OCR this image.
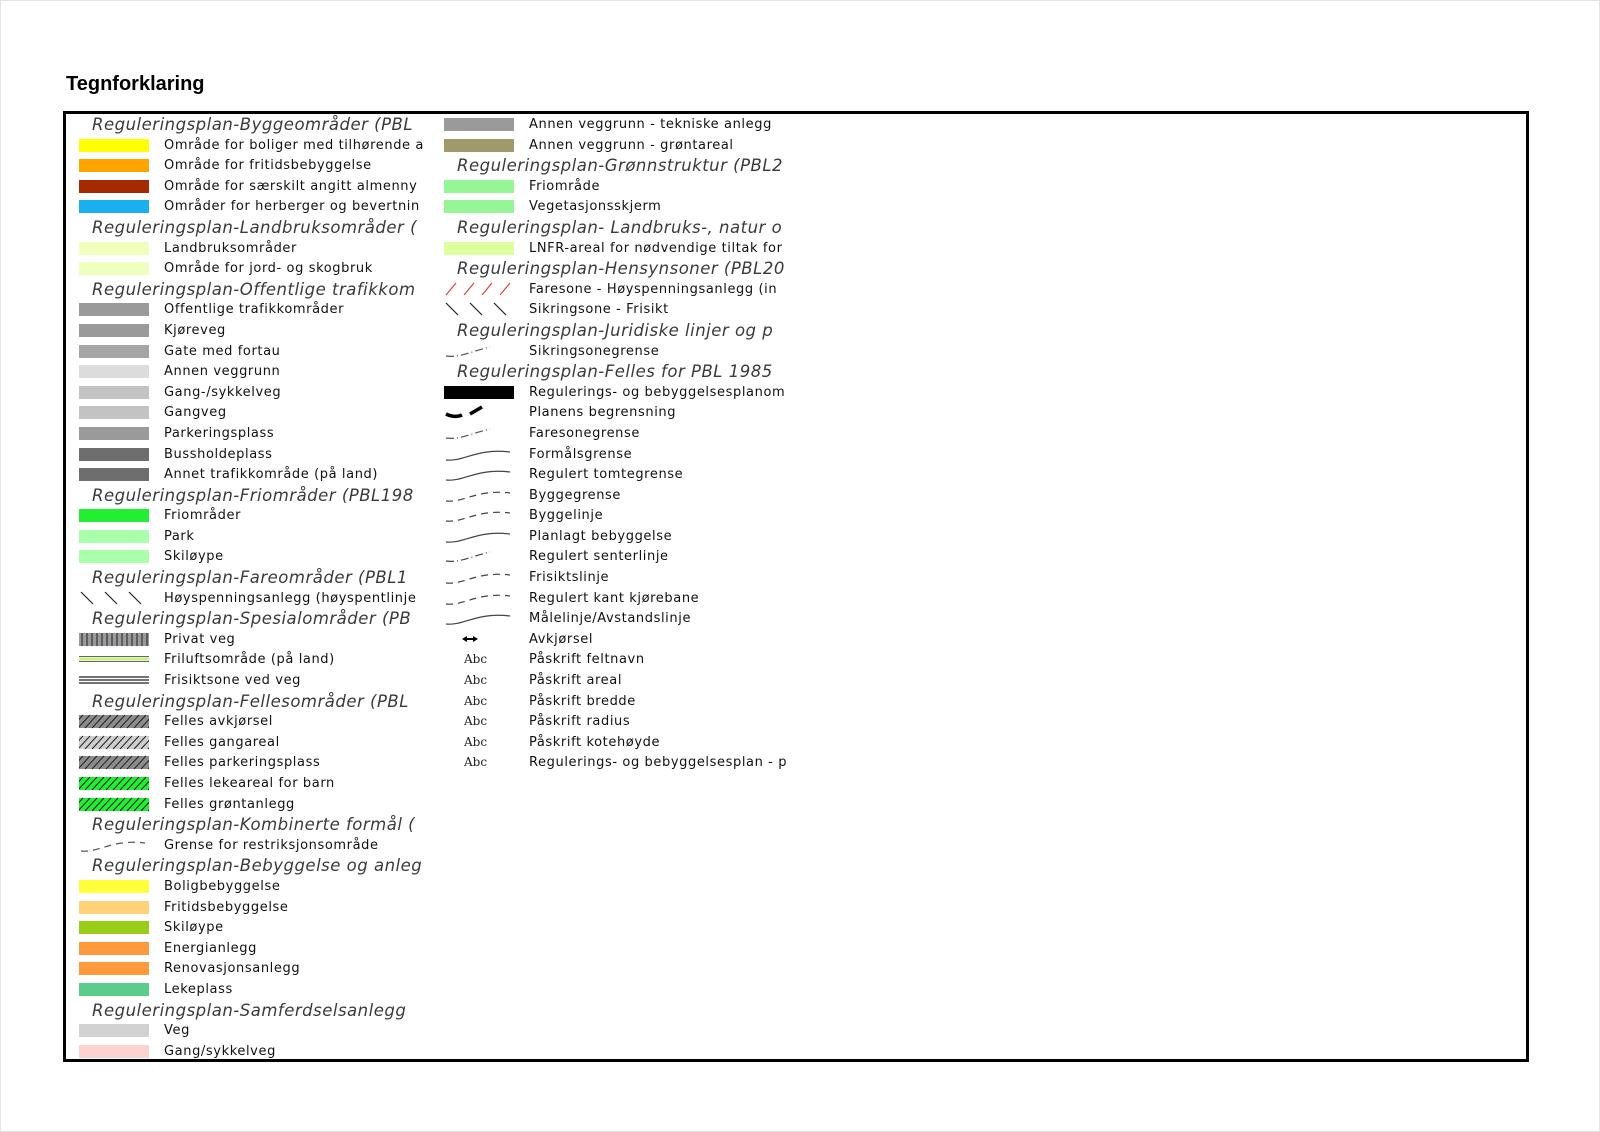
Tegnforklaring
Reguleringsplan-Byggeområder (PBL
Område for boliger med tilhørende a
Område for fritidsbebyggelse
Område for særskilt angitt almenny
Områder for herberger og bevertnin
Reguleringsplan-Landbruksområder (
Landbruksområder
Område for jord- og skogbruk
Reguleringsplan-Offentlige trafikkom
Offentlige trafikkområder
Kjøreveg
Gate med fortau
Annen veggrunn
Gang-/sykkelveg
Gangveg
Parkeringsplass
Bussholdeplass
Annet trafikkområde (på land)
Reguleringsplan-Friområder (PBL198
Friområder
Park
Skiløype
Reguleringsplan-Fareområder (PBL1
Høyspenningsanlegg (høyspentlinje
Reguleringsplan-Spesialområder (PB
Privat veg
Friluftsområde (på land)
Frisiktsone ved veg
Reguleringsplan-Fellesområder (PBL
Felles avkjørsel
Felles gangareal
Felles parkeringsplass
Felles lekeareal for barn
Felles grøntanlegg
Reguleringsplan-Kombinerte formål (
Grense for restriksjonsområde
Reguleringsplan-Bebyggelse og anleg
Boligbebyggelse
Fritidsbebyggelse
Skiløype
Energianlegg
Renovasjonsanlegg
Lekeplass
Reguleringsplan-Samferdselsanlegg
Veg
Gang/sykkelveg
Annen veggrunn - tekniske anlegg
Annen veggrunn - grøntareal
Reguleringsplan-Grønnstruktur (PBL2
Friområde
Vegetasjonsskjerm
Reguleringsplan- Landbruks-, natur o
LNFR-areal for nødvendige tiltak for
Reguleringsplan-Hensynsoner (PBL20
Faresone - Høyspenningsanlegg (in
Sikringsone - Frisikt
Reguleringsplan-Juridiske linjer og p
Sikringsonegrense
Reguleringsplan-Felles for PBL 1985
Regulerings- og bebyggelsesplanom
Planens begrensning
Faresonegrense
Formålsgrense
Regulert tomtegrense
Byggegrense
Byggelinje
Planlagt bebyggelse
Regulert senterlinje
Frisiktslinje
Regulert kant kjørebane
Målelinje/Avstandslinje
Avkjørsel
Abc	Påskrift feltnavn
Abc	Påskrift areal
Abc	Påskrift bredde
Abc	Påskrift radius
Abc	Påskrift kotehøyde
Abc	Regulerings- og bebyggelsesplan - p
